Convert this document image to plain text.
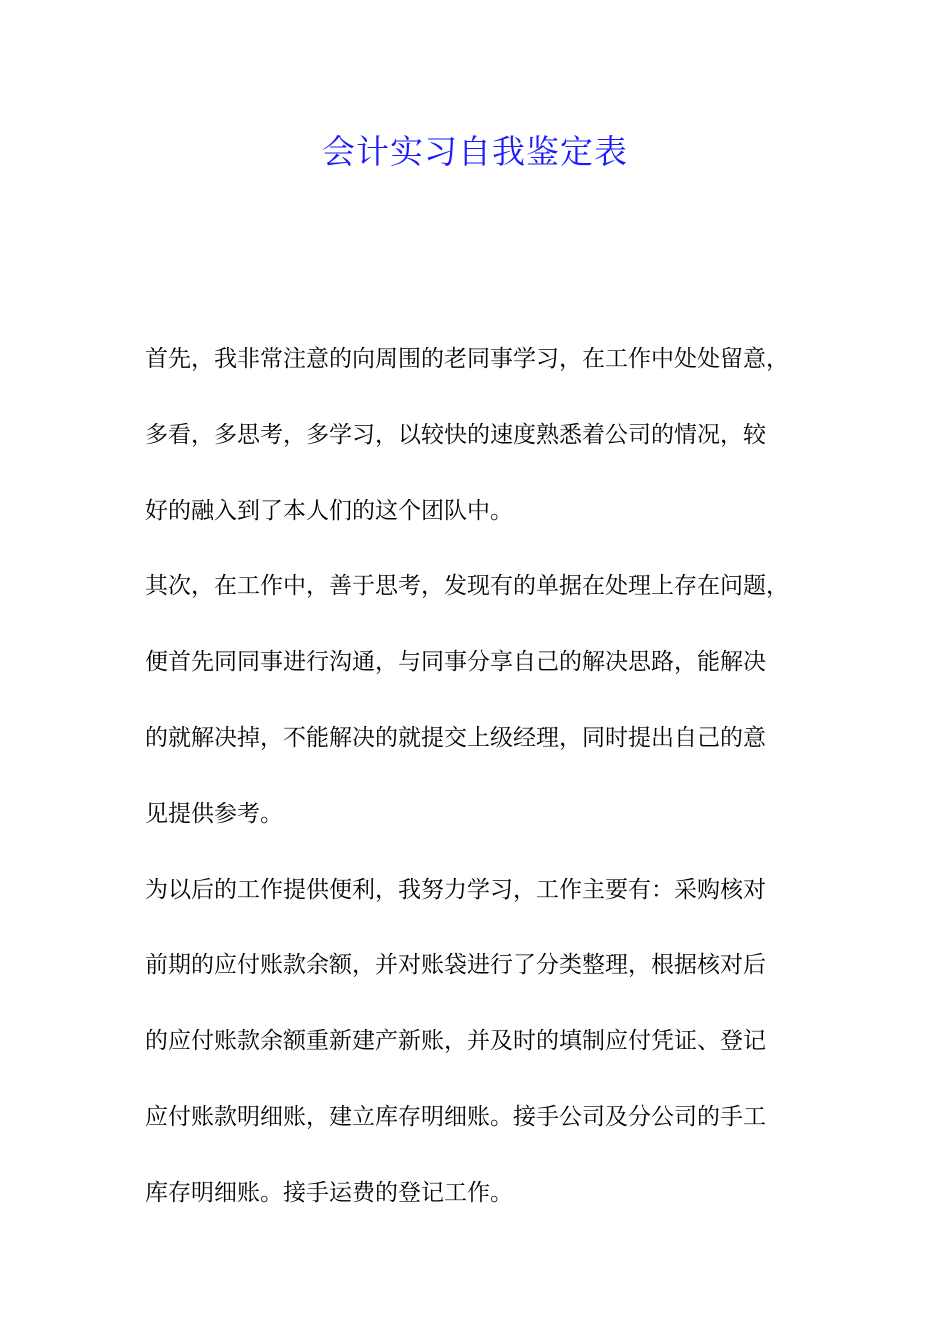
会计实习自我鉴定表
首先，我非常注意的向周围的老同事学习，在工作中处处留意，
多看，多思考，多学习，以较快的速度熟悉着公司的情况，较
好的融入到了本人们的这个团队中。
其次，在工作中，善于思考，发现有的单据在处理上存在问题，
便首先同同事进行沟通，与同事分享自己的解决思路，能解决
的就解决掉，不能解决的就提交上级经理，同时提出自己的意
见提供参考。
为以后的工作提供便利，我努力学习，工作主要有：采购核对
前期的应付账款余额，并对账袋进行了分类整理，根据核对后
的应付账款余额重新建产新账，并及时的填制应付凭证、登记
应付账款明细账，建立库存明细账。接手公司及分公司的手工
库存明细账。接手运费的登记工作。
